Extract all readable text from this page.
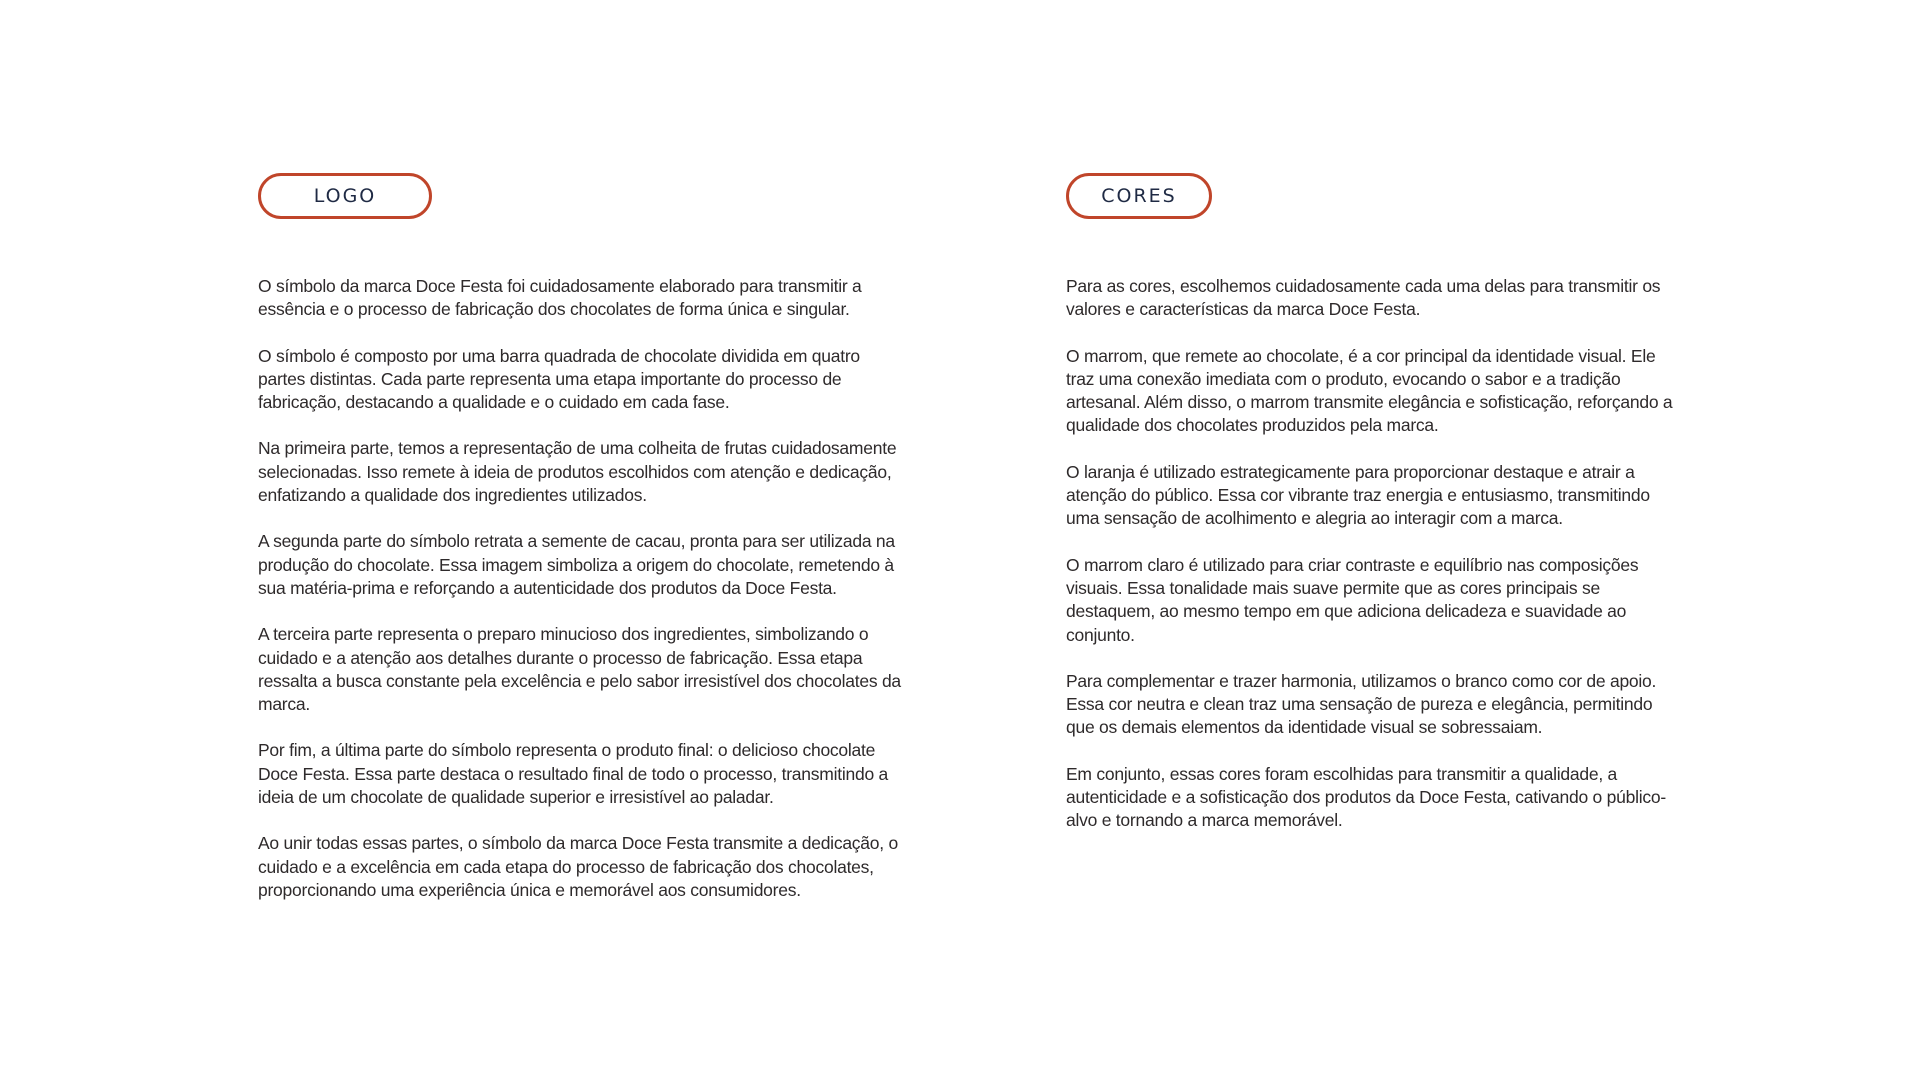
LOGO

O símbolo da marca Doce Festa foi cuidadosamente elaborado para transmitir a essência e o processo de fabricação dos chocolates de forma única e singular.

O símbolo é composto por uma barra quadrada de chocolate dividida em quatro partes distintas. Cada parte representa uma etapa importante do processo de fabricação, destacando a qualidade e o cuidado em cada fase.

Na primeira parte, temos a representação de uma colheita de frutas cuidadosamente selecionadas. Isso remete à ideia de produtos escolhidos com atenção e dedicação, enfatizando a qualidade dos ingredientes utilizados.

A segunda parte do símbolo retrata a semente de cacau, pronta para ser utilizada na produção do chocolate. Essa imagem simboliza a origem do chocolate, remetendo à sua matéria-prima e reforçando a autenticidade dos produtos da Doce Festa.

A terceira parte representa o preparo minucioso dos ingredientes, simbolizando o cuidado e a atenção aos detalhes durante o processo de fabricação. Essa etapa ressalta a busca constante pela excelência e pelo sabor irresistível dos chocolates da marca.

Por fim, a última parte do símbolo representa o produto final: o delicioso chocolate Doce Festa. Essa parte destaca o resultado final de todo o processo, transmitindo a ideia de um chocolate de qualidade superior e irresistível ao paladar.

Ao unir todas essas partes, o símbolo da marca Doce Festa transmite a dedicação, o cuidado e a excelência em cada etapa do processo de fabricação dos chocolates, proporcionando uma experiência única e memorável aos consumidores.

CORES

Para as cores, escolhemos cuidadosamente cada uma delas para transmitir os valores e características da marca Doce Festa.

O marrom, que remete ao chocolate, é a cor principal da identidade visual. Ele traz uma conexão imediata com o produto, evocando o sabor e a tradição artesanal. Além disso, o marrom transmite elegância e sofisticação, reforçando a qualidade dos chocolates produzidos pela marca.

O laranja é utilizado estrategicamente para proporcionar destaque e atrair a atenção do público. Essa cor vibrante traz energia e entusiasmo, transmitindo uma sensação de acolhimento e alegria ao interagir com a marca.

O marrom claro é utilizado para criar contraste e equilíbrio nas composições visuais. Essa tonalidade mais suave permite que as cores principais se destaquem, ao mesmo tempo em que adiciona delicadeza e suavidade ao conjunto.

Para complementar e trazer harmonia, utilizamos o branco como cor de apoio. Essa cor neutra e clean traz uma sensação de pureza e elegância, permitindo que os demais elementos da identidade visual se sobressaiam.

Em conjunto, essas cores foram escolhidas para transmitir a qualidade, a autenticidade e a sofisticação dos produtos da Doce Festa, cativando o público-alvo e tornando a marca memorável.
